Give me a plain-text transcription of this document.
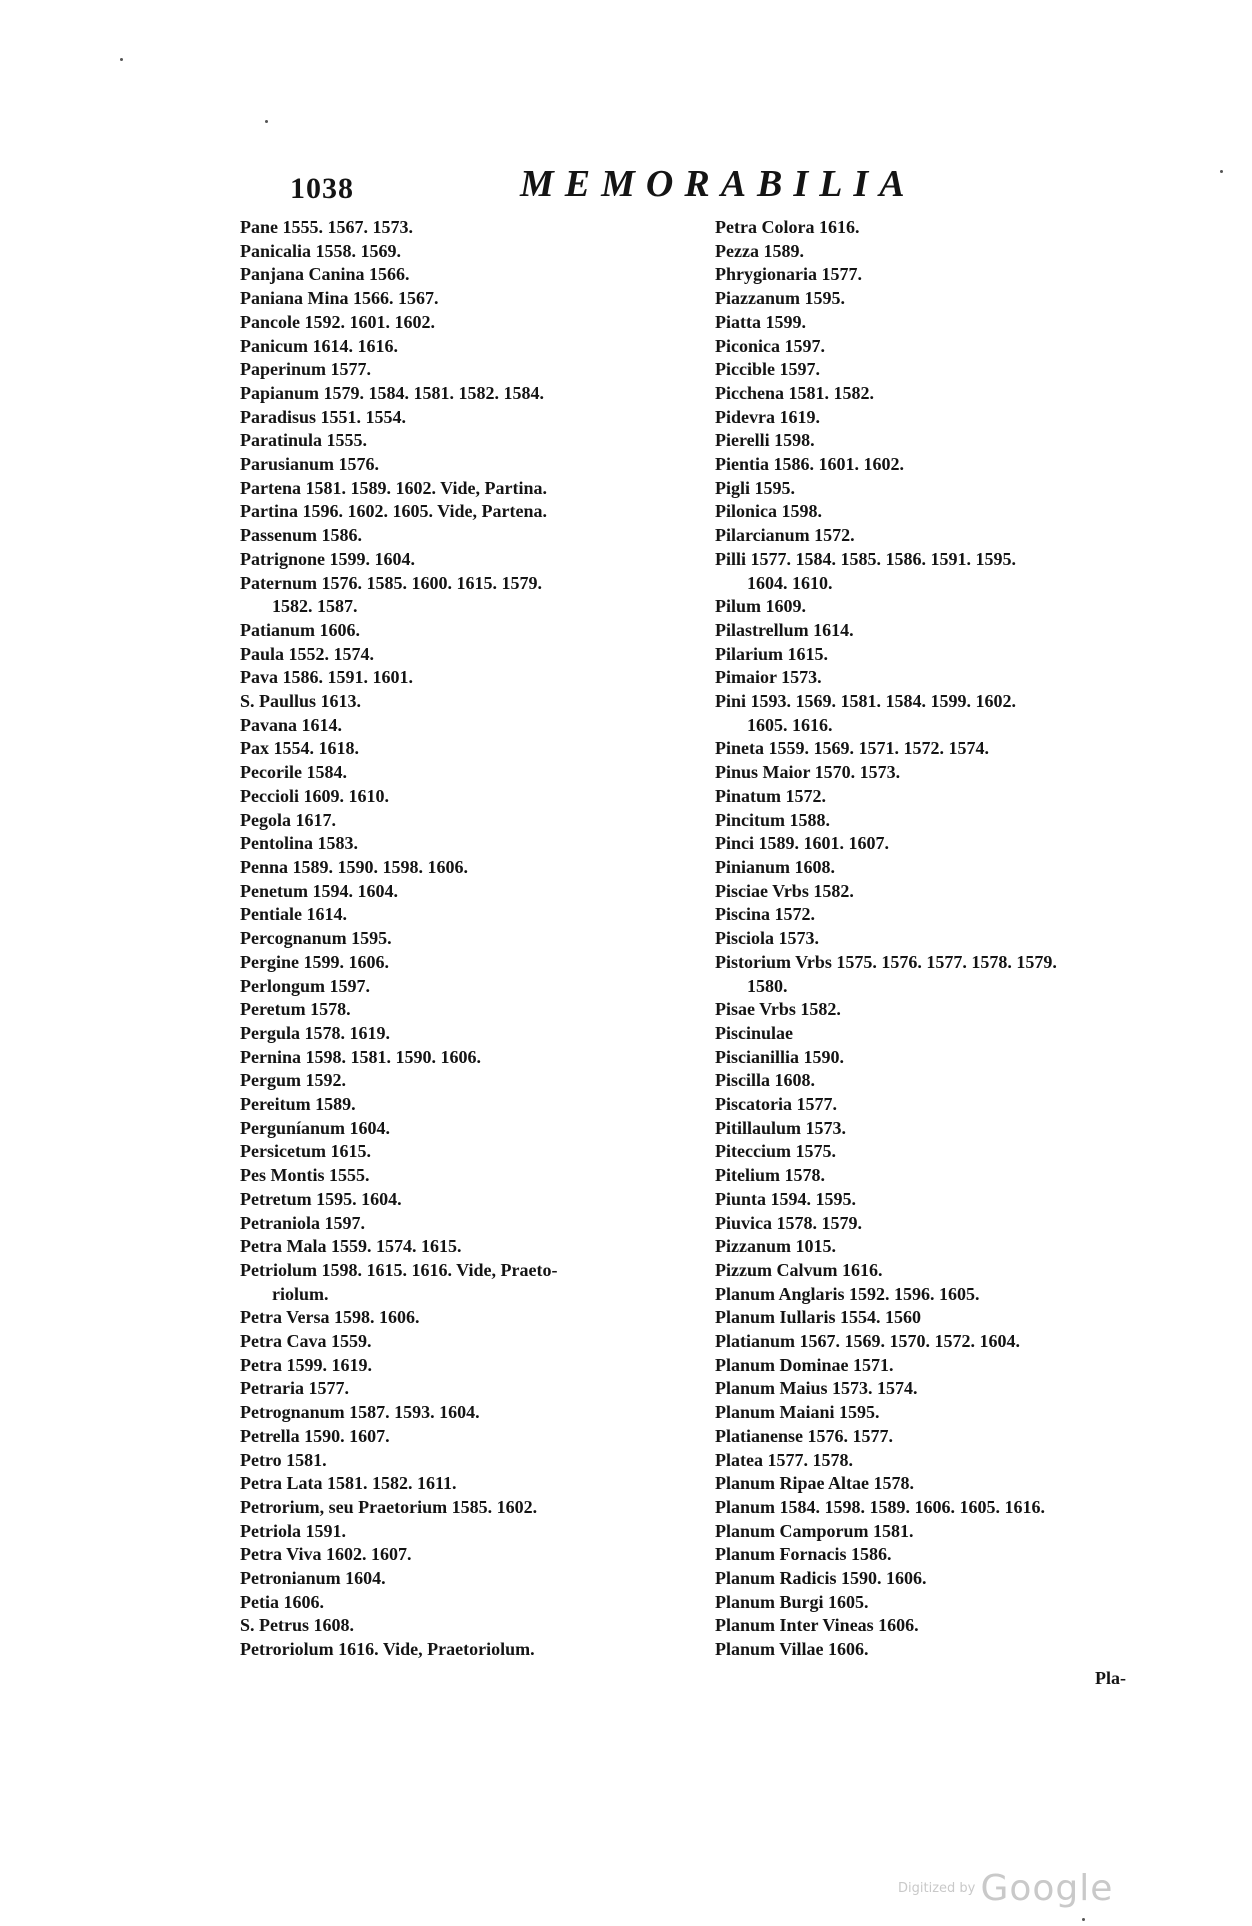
1038	MEMORABILIA
Pane 1555. 1567. 1573.
Panicalia 1558. 1569.
Panjana Canina 1566.
Paniana Mina 1566. 1567.
Pancole 1592. 1601. 1602.
Panicum 1614. 1616.
Paperinum 1577.
Papianum 1579. 1584. 1581. 1582. 1584.
Paradisus 1551. 1554.
Paratinula 1555.
Parusianum 1576.
Partena 1581. 1589. 1602. Vide, Partina.
Partina 1596. 1602. 1605. Vide, Partena.
Passenum 1586.
Patrignone 1599. 1604.
Paternum 1576. 1585. 1600. 1615. 1579.
1582. 1587.
Patianum 1606.
Paula 1552. 1574.
Pava 1586. 1591. 1601.
S. Paullus 1613.
Pavana 1614.
Pax 1554. 1618.
Pecorile 1584.
Peccioli 1609. 1610.
Pegola 1617.
Pentolina 1583.
Penna 1589. 1590. 1598. 1606.
Penetum 1594. 1604.
Pentiale 1614.
Percognanum 1595.
Pergine 1599. 1606.
Perlongum 1597.
Peretum 1578.
Pergula 1578. 1619.
Pernina 1598. 1581. 1590. 1606.
Pergum 1592.
Pereitum 1589.
Perguníanum 1604.
Persicetum 1615.
Pes Montis 1555.
Petretum 1595. 1604.
Petraniola 1597.
Petra Mala 1559. 1574. 1615.
Petriolum 1598. 1615. 1616. Vide, Praeto-
riolum.
Petra Versa 1598. 1606.
Petra Cava 1559.
Petra 1599. 1619.
Petraria 1577.
Petrognanum 1587. 1593. 1604.
Petrella 1590. 1607.
Petro 1581.
Petra Lata 1581. 1582. 1611.
Petrorium, seu Praetorium 1585. 1602.
Petriola 1591.
Petra Viva 1602. 1607.
Petronianum 1604.
Petia 1606.
S. Petrus 1608.
Petroriolum 1616. Vide, Praetoriolum.
Petra Colora 1616.
Pezza 1589.
Phrygionaria 1577.
Piazzanum 1595.
Piatta 1599.
Piconica 1597.
Piccible 1597.
Picchena 1581. 1582.
Pidevra 1619.
Pierelli 1598.
Pientia 1586. 1601. 1602.
Pigli 1595.
Pilonica 1598.
Pilarcianum 1572.
Pilli 1577. 1584. 1585. 1586. 1591. 1595.
1604. 1610.
Pilum 1609.
Pilastrellum 1614.
Pilarium 1615.
Pimaior 1573.
Pini 1593. 1569. 1581. 1584. 1599. 1602.
1605. 1616.
Pineta 1559. 1569. 1571. 1572. 1574.
Pinus Maior 1570. 1573.
Pinatum 1572.
Pincitum 1588.
Pinci 1589. 1601. 1607.
Pinianum 1608.
Pisciae Vrbs 1582.
Piscina 1572.
Pisciola 1573.
Pistorium Vrbs 1575. 1576. 1577. 1578. 1579.
1580.
Pisae Vrbs 1582.
Piscinulae
Piscianillia 1590.
Piscilla 1608.
Piscatoria 1577.
Pitillaulum 1573.
Piteccium 1575.
Pitelium 1578.
Piunta 1594. 1595.
Piuvica 1578. 1579.
Pizzanum 1015.
Pizzum Calvum 1616.
Planum Anglaris 1592. 1596. 1605.
Planum Iullaris 1554. 1560
Platianum 1567. 1569. 1570. 1572. 1604.
Planum Dominae 1571.
Planum Maius 1573. 1574.
Planum Maiani 1595.
Platianense 1576. 1577.
Platea 1577. 1578.
Planum Ripae Altae 1578.
Planum 1584. 1598. 1589. 1606. 1605. 1616.
Planum Camporum 1581.
Planum Fornacis 1586.
Planum Radicis 1590. 1606.
Planum Burgi 1605.
Planum Inter Vineas 1606.
Planum Villae 1606.
Pla-
Digitized by Google
